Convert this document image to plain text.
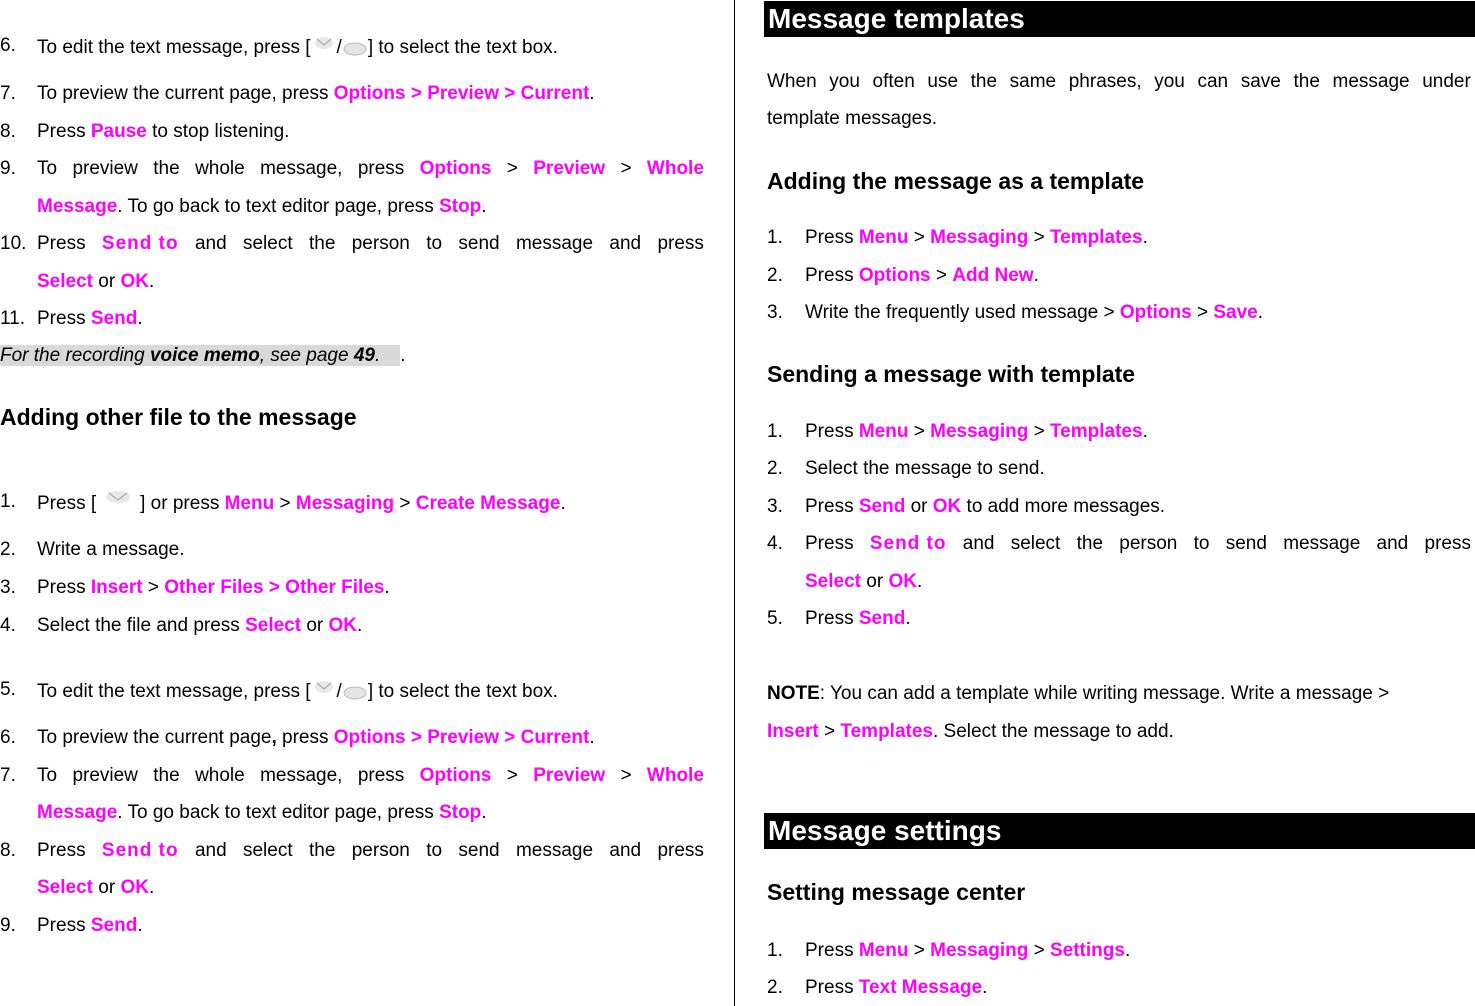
6. To edit the text message, press [ / ] to select the text box.
7. To preview the current page, press Options > Preview > Current.
8. Press Pause to stop listening.
9. To preview the whole message, press Options > Preview > Whole
Message. To go back to text editor page, press Stop.
10. Press Send to and select the person to send message and press
Select or OK.
11. Press Send.
For the recording voice memo, see page 49. .
Adding other file to the message
1. Press [ ] or press Menu > Messaging > Create Message.
2. Write a message.
3. Press Insert > Other Files > Other Files.
4. Select the file and press Select or OK.
5. To edit the text message, press [ / ] to select the text box.
6. To preview the current page, press Options > Preview > Current.
7. To preview the whole message, press Options > Preview > Whole
Message. To go back to text editor page, press Stop.
8. Press Send to and select the person to send message and press
Select or OK.
9. Press Send.
Message templates
When you often use the same phrases, you can save the message under
template messages.
Adding the message as a template
1. Press Menu > Messaging > Templates.
2. Press Options > Add New.
3. Write the frequently used message > Options > Save.
Sending a message with template
1. Press Menu > Messaging > Templates.
2. Select the message to send.
3. Press Send or OK to add more messages.
4. Press Send to and select the person to send message and press
Select or OK.
5. Press Send.
NOTE: You can add a template while writing message. Write a message >
Insert > Templates. Select the message to add.
Message settings
Setting message center
1. Press Menu > Messaging > Settings.
2. Press Text Message.
